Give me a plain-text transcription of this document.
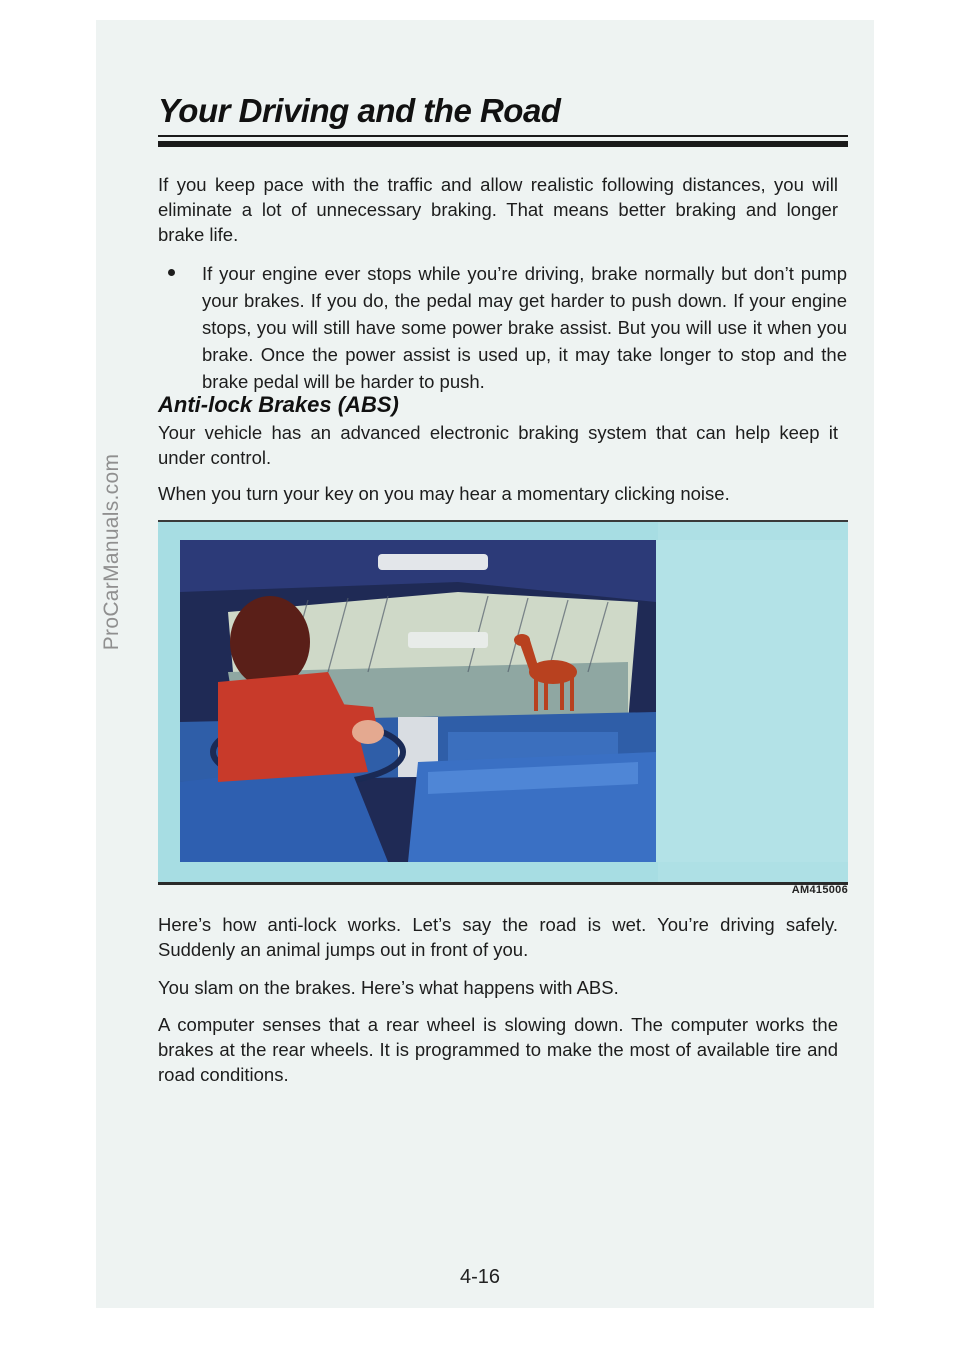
ProCarManuals.com
Your Driving and the Road
If you keep pace with the traffic and allow realistic following distances, you will eliminate a lot of unnecessary braking. That means better braking and longer brake life.
If your engine ever stops while you’re driving, brake normally but don’t pump your brakes. If you do, the pedal may get harder to push down. If your engine stops, you will still have some power brake assist. But you will use it when you brake. Once the power assist is used up, it may take longer to stop and the brake pedal will be harder to push.
Anti-lock Brakes (ABS)
Your vehicle has an advanced electronic braking system that can help keep it under control.
When you turn your key on you may hear a momentary clicking noise.
AM415006
Here’s how anti-lock works. Let’s say the road is wet. You’re driving safely. Suddenly an animal jumps out in front of you.
You slam on the brakes. Here’s what happens with ABS.
A computer senses that a rear wheel is slowing down. The computer works the brakes at the rear wheels. It is programmed to make the most of available tire and road conditions.
4-16
